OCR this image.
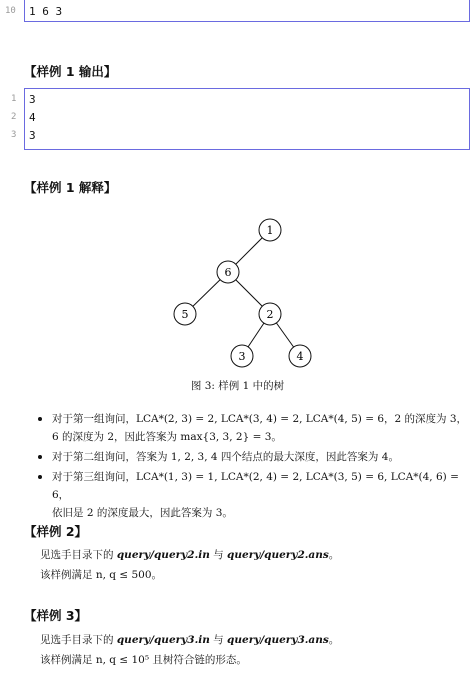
10 1 6 3
【样例 1 输出】
1 3
2 4
3 3
【样例 1 解释】
1
6
5	2
3	4
图 3: 样例 1 中的树
对于第一组询问，LCA*(2, 3) = 2, LCA*(3, 4) = 2, LCA*(4, 5) = 6，2 的深度为 3，
6 的深度为 2，因此答案为 max{3, 3, 2} = 3。
对于第二组询问，答案为 1, 2, 3, 4 四个结点的最大深度，因此答案为 4。
对于第三组询问，LCA*(1, 3) = 1, LCA*(2, 4) = 2, LCA*(3, 5) = 6, LCA*(4, 6) = 6，
依旧是 2 的深度最大，因此答案为 3。
【样例 2】
见选手目录下的 query/query2.in 与 query/query2.ans。
该样例满足 n, q ≤ 500。
【样例 3】
见选手目录下的 query/query3.in 与 query/query3.ans。
该样例满足 n, q ≤ 10⁵ 且树符合链的形态。
